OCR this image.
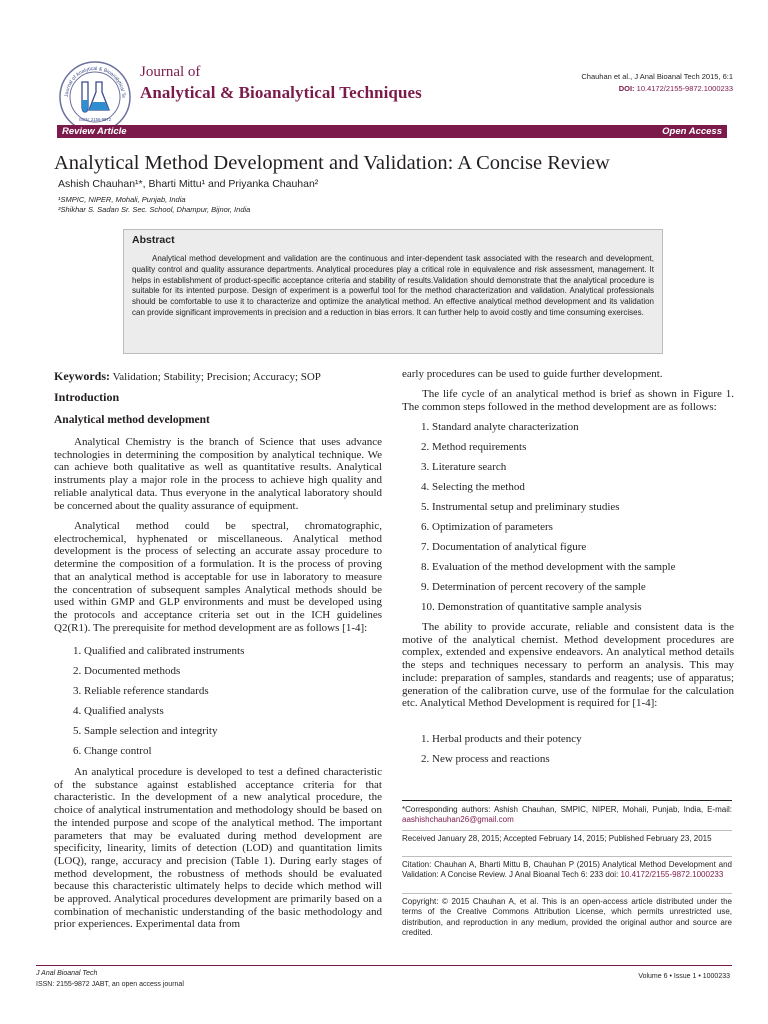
Journal of Analytical & Bioanalytical Te
ISSN: 2155-9872
Journal of
Analytical & Bioanalytical Techniques
Chauhan et al., J Anal Bioanal Tech 2015, 6:1
DOI: 10.4172/2155-9872.1000233
Review Article	Open Access
Analytical Method Development and Validation: A Concise Review
Ashish Chauhan¹*, Bharti Mittu¹ and Priyanka Chauhan²
¹SMPIC, NIPER, Mohali, Punjab, India
²Shikhar S. Sadan Sr. Sec. School, Dhampur, Bijnor, India
Abstract
Analytical method development and validation are the continuous and inter-dependent task associated with the research and development, quality control and quality assurance departments. Analytical procedures play a critical role in equivalence and risk assessment, management. It helps in establishment of product-specific acceptance criteria and stability of results.Validation should demonstrate that the analytical procedure is suitable for its intented purpose. Design of experiment is a powerful tool for the method characterization and validation. Analytical professionals should be comfortable to use it to characterize and optimize the analytical method. An effective analytical method development and its validation can provide significant improvements in precision and a reduction in bias errors. It can further help to avoid costly and time consuming exercises.
Keywords: Validation; Stability; Precision; Accuracy; SOP
Introduction
Analytical method development
Analytical Chemistry is the branch of Science that uses advance technologies in determining the composition by analytical technique. We can achieve both qualitative as well as quantitative results. Analytical instruments play a major role in the process to achieve high quality and reliable analytical data. Thus everyone in the analytical laboratory should be concerned about the quality assurance of equipment.
Analytical method could be spectral, chromatographic, electrochemical, hyphenated or miscellaneous. Analytical method development is the process of selecting an accurate assay procedure to determine the composition of a formulation. It is the process of proving that an analytical method is acceptable for use in laboratory to measure the concentration of subsequent samples Analytical methods should be used within GMP and GLP environments and must be developed using the protocols and acceptance criteria set out in the ICH guidelines Q2(R1). The prerequisite for method development are as follows [1-4]:
1. Qualified and calibrated instruments
2. Documented methods
3. Reliable reference standards
4. Qualified analysts
5. Sample selection and integrity
6. Change control
An analytical procedure is developed to test a defined characteristic of the substance against established acceptance criteria for that characteristic. In the development of a new analytical procedure, the choice of analytical instrumentation and methodology should be based on the intended purpose and scope of the analytical method. The important parameters that may be evaluated during method development are specificity, linearity, limits of detection (LOD) and quantitation limits (LOQ), range, accuracy and precision (Table 1). During early stages of method development, the robustness of methods should be evaluated because this characteristic ultimately helps to decide which method will be approved. Analytical procedures development are primarily based on a combination of mechanistic understanding of the basic methodology and prior experiences. Experimental data from
early procedures can be used to guide further development.
The life cycle of an analytical method is brief as shown in Figure 1. The common steps followed in the method development are as follows:
1. Standard analyte characterization
2. Method requirements
3. Literature search
4. Selecting the method
5. Instrumental setup and preliminary studies
6. Optimization of parameters
7. Documentation of analytical figure
8. Evaluation of the method development with the sample
9. Determination of percent recovery of the sample
10. Demonstration of quantitative sample analysis
The ability to provide accurate, reliable and consistent data is the motive of the analytical chemist. Method development procedures are complex, extended and expensive endeavors. An analytical method details the steps and techniques necessary to perform an analysis. This may include: preparation of samples, standards and reagents; use of apparatus; generation of the calibration curve, use of the formulae for the calculation etc. Analytical Method Development is required for [1-4]:
1. Herbal products and their potency
2. New process and reactions
*Corresponding authors: Ashish Chauhan, SMPIC, NIPER, Mohali, Punjab, India, E-mail: aashishchauhan26@gmail.com
Received January 28, 2015; Accepted February 14, 2015; Published February 23, 2015
Citation: Chauhan A, Bharti Mittu B, Chauhan P (2015) Analytical Method Development and Validation: A Concise Review. J Anal Bioanal Tech 6: 233 doi: 10.4172/2155-9872.1000233
Copyright: © 2015 Chauhan A, et al. This is an open-access article distributed under the terms of the Creative Commons Attribution License, which permits unrestricted use, distribution, and reproduction in any medium, provided the original author and source are credited.
J Anal Bioanal Tech
ISSN: 2155-9872 JABT, an open access journal
Volume 6 • Issue 1 • 1000233
